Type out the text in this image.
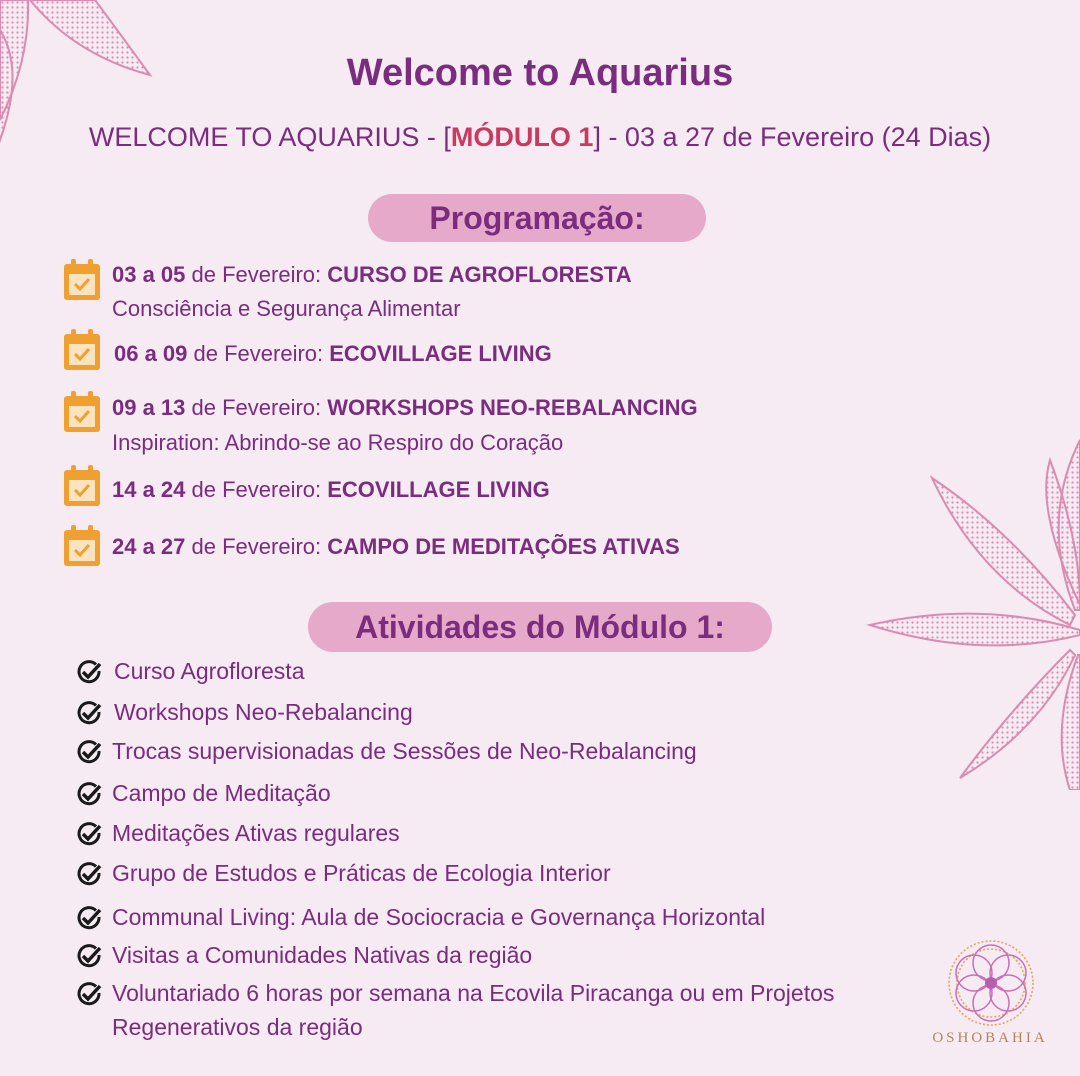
Welcome to Aquarius
WELCOME TO AQUARIUS - [MÓDULO 1] - 03 a 27 de Fevereiro (24 Dias)
Programação:
03 a 05 de Fevereiro: CURSO DE AGROFLORESTA
Consciência e Segurança Alimentar
06 a 09 de Fevereiro: ECOVILLAGE LIVING
09 a 13 de Fevereiro: WORKSHOPS NEO-REBALANCING
Inspiration: Abrindo-se ao Respiro do Coração
14 a 24 de Fevereiro: ECOVILLAGE LIVING
24 a 27 de Fevereiro: CAMPO DE MEDITAÇÕES ATIVAS
Atividades do Módulo 1:
Curso Agrofloresta
Workshops Neo-Rebalancing
Trocas supervisionadas de Sessões de Neo-Rebalancing
Campo de Meditação
Meditações Ativas regulares
Grupo de Estudos e Práticas de Ecologia Interior
Communal Living: Aula de Sociocracia e Governança Horizontal
Visitas a Comunidades Nativas da região
Voluntariado 6 horas por semana na Ecovila Piracanga ou em Projetos
Regenerativos da região	OSHOBAHIA
